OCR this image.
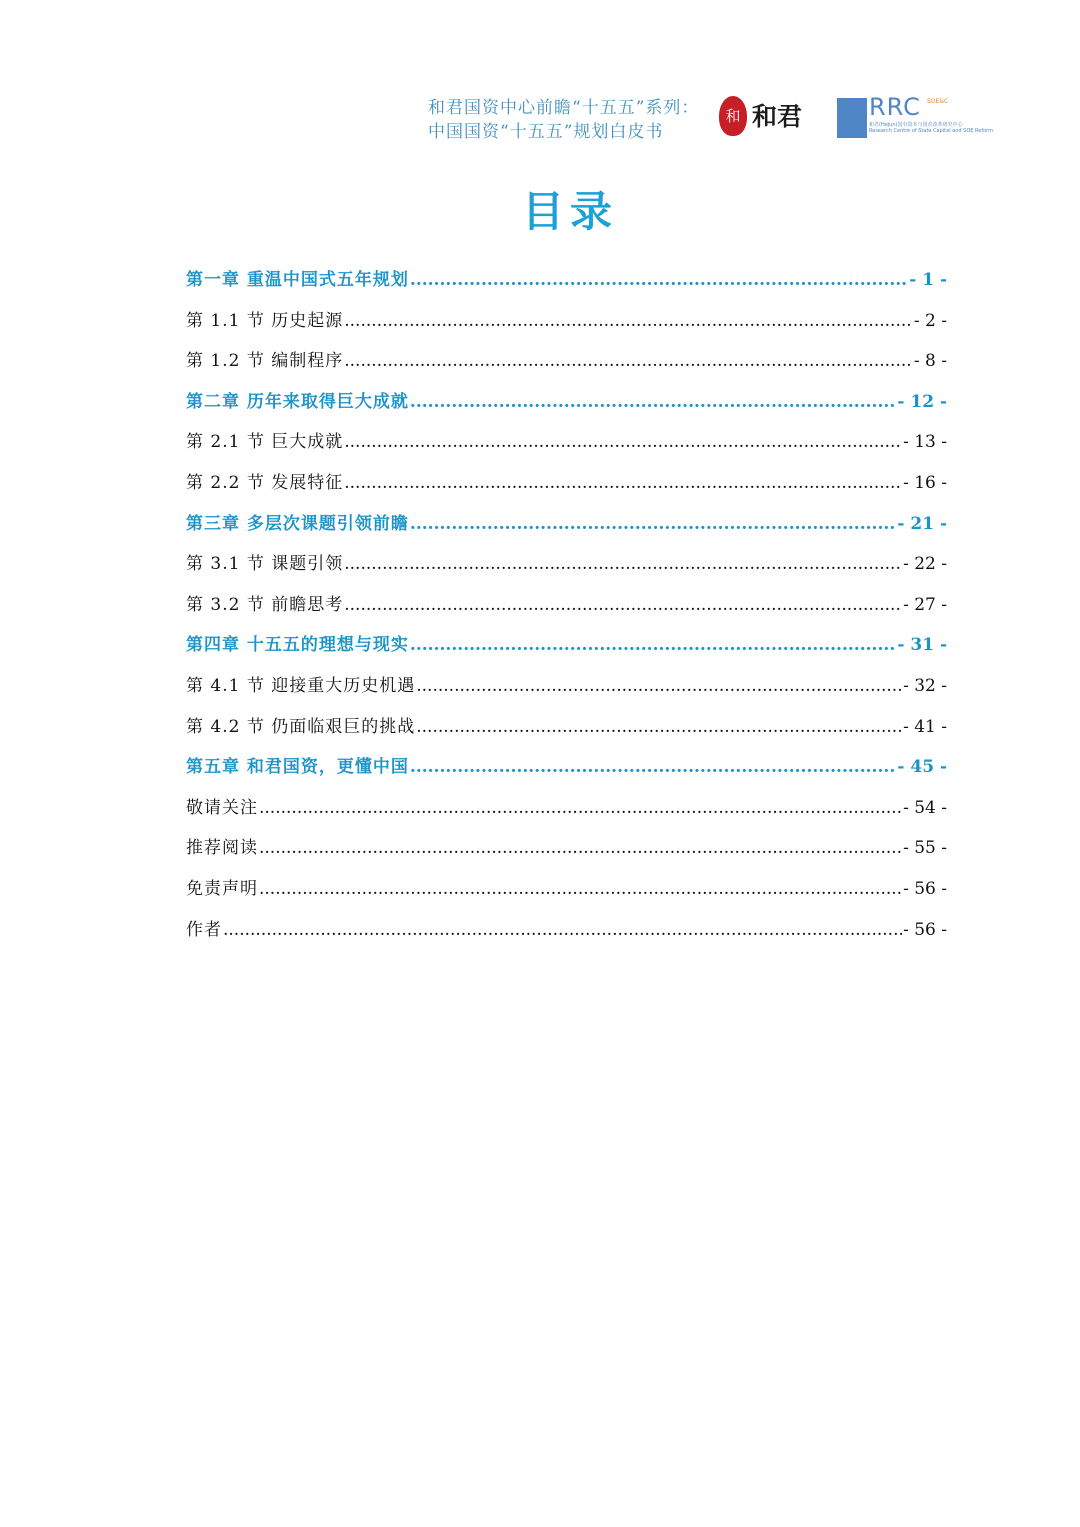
和君国资中心前瞻“十五五”系列：
中国国资“十五五”规划白皮书
和 和君	RRC SOE&C
和君(Hejun)国有资本与国企改革研究中心
Research Centre of State Capital and SOE Reform
目录
第一章 重温中国式五年规划 .....	- 1 -
第 1.1 节 历史起源 .....	- 2 -
第 1.2 节 编制程序 .....	- 8 -
第二章 历年来取得巨大成就 .....	- 12 -
第 2.1 节 巨大成就 .....	- 13 -
第 2.2 节 发展特征 .....	- 16 -
第三章 多层次课题引领前瞻 .....	- 21 -
第 3.1 节 课题引领 .....	- 22 -
第 3.2 节 前瞻思考 .....	- 27 -
第四章 十五五的理想与现实 .....	- 31 -
第 4.1 节 迎接重大历史机遇 .....	- 32 -
第 4.2 节 仍面临艰巨的挑战 .....	- 41 -
第五章 和君国资，更懂中国 .....	- 45 -
敬请关注 .....	- 54 -
推荐阅读 .....	- 55 -
免责声明 .....	- 56 -
作者 .....	- 56 -
